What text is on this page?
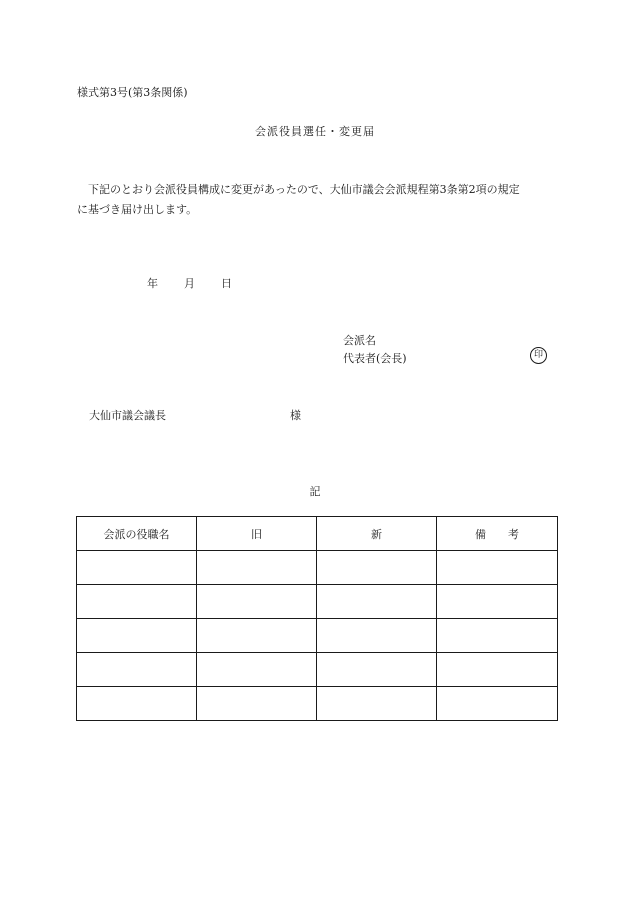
様式第3号(第3条関係)
会派役員選任・変更届
下記のとおり会派役員構成に変更があったので、大仙市議会会派規程第3条第2項の規定
に基づき届け出します。
年 月 日
会派名
代表者(会長)	印
大仙市議会議長	様
記
会派の役職名	旧	新	備　　考
